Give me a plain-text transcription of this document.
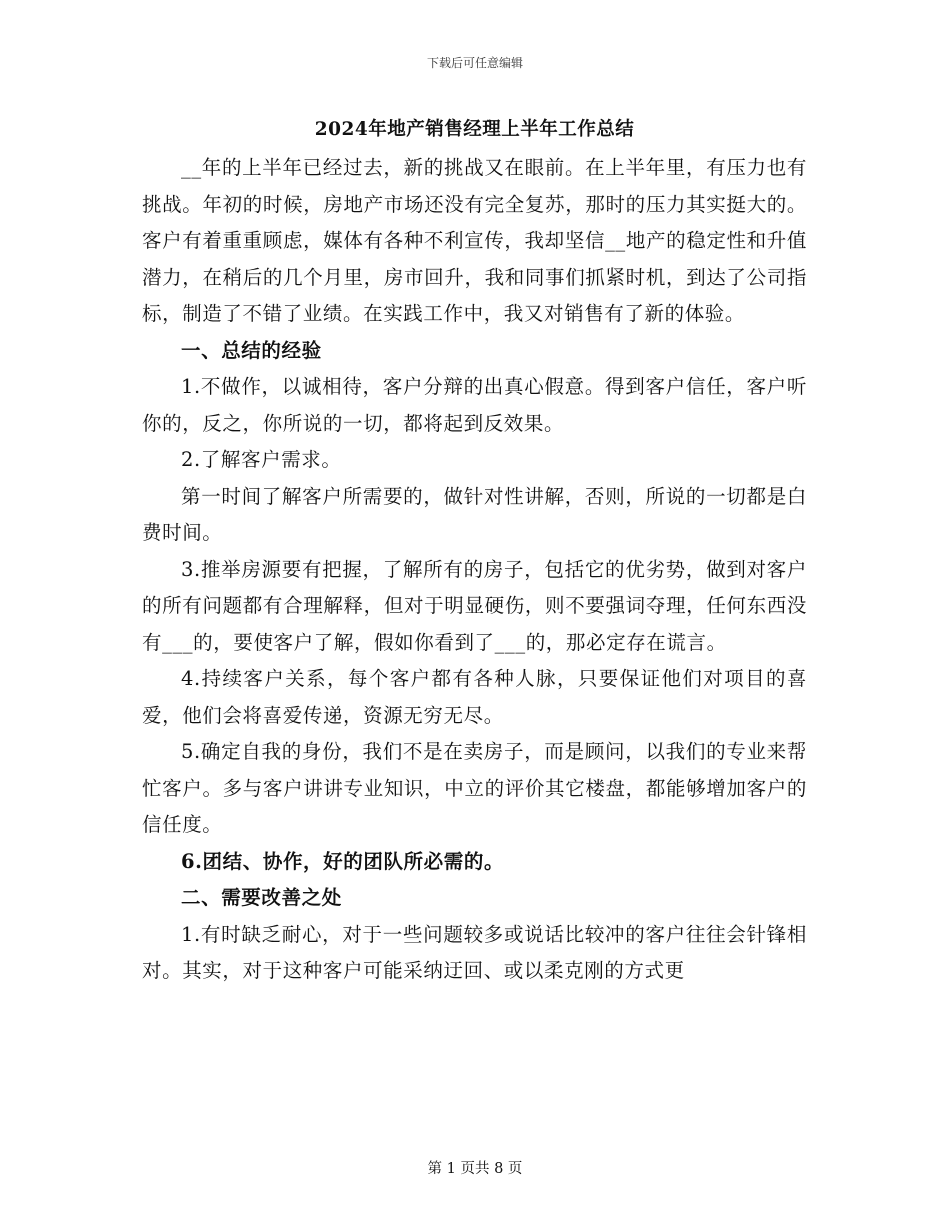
下载后可任意编辑
2024年地产销售经理上半年工作总结

__年的上半年已经过去，新的挑战又在眼前。在上半年里，有压力也有挑战。年初的时候，房地产市场还没有完全复苏，那时的压力其实挺大的。客户有着重重顾虑，媒体有各种不利宣传，我却坚信__地产的稳定性和升值潜力，在稍后的几个月里，房市回升，我和同事们抓紧时机，到达了公司指标，制造了不错了业绩。在实践工作中，我又对销售有了新的体验。

一、总结的经验

1.不做作，以诚相待，客户分辩的出真心假意。得到客户信任，客户听你的，反之，你所说的一切，都将起到反效果。

2.了解客户需求。

第一时间了解客户所需要的，做针对性讲解，否则，所说的一切都是白费时间。

3.推举房源要有把握，了解所有的房子，包括它的优劣势，做到对客户的所有问题都有合理解释，但对于明显硬伤，则不要强词夺理，任何东西没有___的，要使客户了解，假如你看到了___的，那必定存在谎言。

4.持续客户关系，每个客户都有各种人脉，只要保证他们对项目的喜爱，他们会将喜爱传递，资源无穷无尽。

5.确定自我的身份，我们不是在卖房子，而是顾问，以我们的专业来帮忙客户。多与客户讲讲专业知识，中立的评价其它楼盘，都能够增加客户的信任度。

6.团结、协作，好的团队所必需的。

二、需要改善之处

1.有时缺乏耐心，对于一些问题较多或说话比较冲的客户往往会针锋相对。其实，对于这种客户可能采纳迂回、或以柔克刚的方式更

第 1 页共 8 页
